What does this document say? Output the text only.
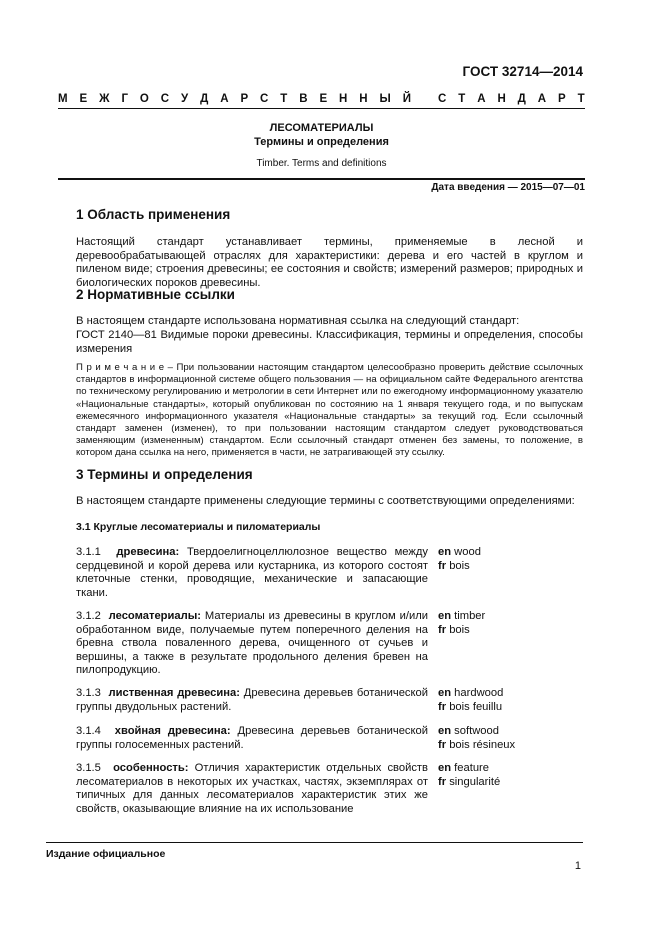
ГОСТ 32714—2014
М Е Ж Г О С У Д А Р С Т В Е Н Н Ы Й
С Т А Н Д А Р Т
ЛЕСОМАТЕРИАЛЫ
Термины и определения
Timber. Terms and definitions
Дата введения — 2015—07—01
1 Область применения
Настоящий стандарт устанавливает термины, применяемые в лесной и деревообрабатывающей отраслях для характеристики: дерева и его частей в круглом и пиленом виде; строения древесины; ее состояния и свойств; измерений размеров; природных и биологических пороков древесины.
2 Нормативные ссылки
В настоящем стандарте использована нормативная ссылка на следующий стандарт:
ГОСТ 2140—81 Видимые пороки древесины. Классификация, термины и определения, способы измерения
П р и м е ч а н и е – При пользовании настоящим стандартом целесообразно проверить действие ссылочных стандартов в информационной системе общего пользования — на официальном сайте Федерального агентства по техническому регулированию и метрологии в сети Интернет или по ежегодному информационному указателю «Национальные стандарты», который опубликован по состоянию на 1 января текущего года, и по выпускам ежемесячного информационного указателя «Национальные стандарты» за текущий год. Если ссылочный стандарт заменен (изменен), то при пользовании настоящим стандартом следует руководствоваться заменяющим (измененным) стандартом. Если ссылочный стандарт отменен без замены, то положение, в котором дана ссылка на него, применяется в части, не затрагивающей эту ссылку.
3 Термины и определения
В настоящем стандарте применены следующие термины с соответствующими определениями:
3.1 Круглые лесоматериалы и пиломатериалы
3.1.1 древесина: Твердоелигноцеллюлозное вещество между сердцевиной и корой дерева или кустарника, из которого состоят клеточные стенки, проводящие, механические и запасающие ткани.
en wood
fr bois
3.1.2 лесоматериалы: Материалы из древесины в круглом и/или обработанном виде, получаемые путем поперечного деления на бревна ствола поваленного дерева, очищенного от сучьев и вершины, а также в результате продольного деления бревен на пилопродукцию.
en timber
fr bois
3.1.3 лиственная древесина: Древесина деревьев ботанической группы двудольных растений.
en hardwood
fr bois feuillu
3.1.4 хвойная древесина: Древесина деревьев ботанической группы голосеменных растений.
en softwood
fr bois résineux
3.1.5 особенность: Отличия характеристик отдельных свойств лесоматериалов в некоторых их участках, частях, экземплярах от типичных для данных лесоматериалов характеристик этих же свойств, оказывающие влияние на их использование
en feature
fr singularité
Издание официальное
1
